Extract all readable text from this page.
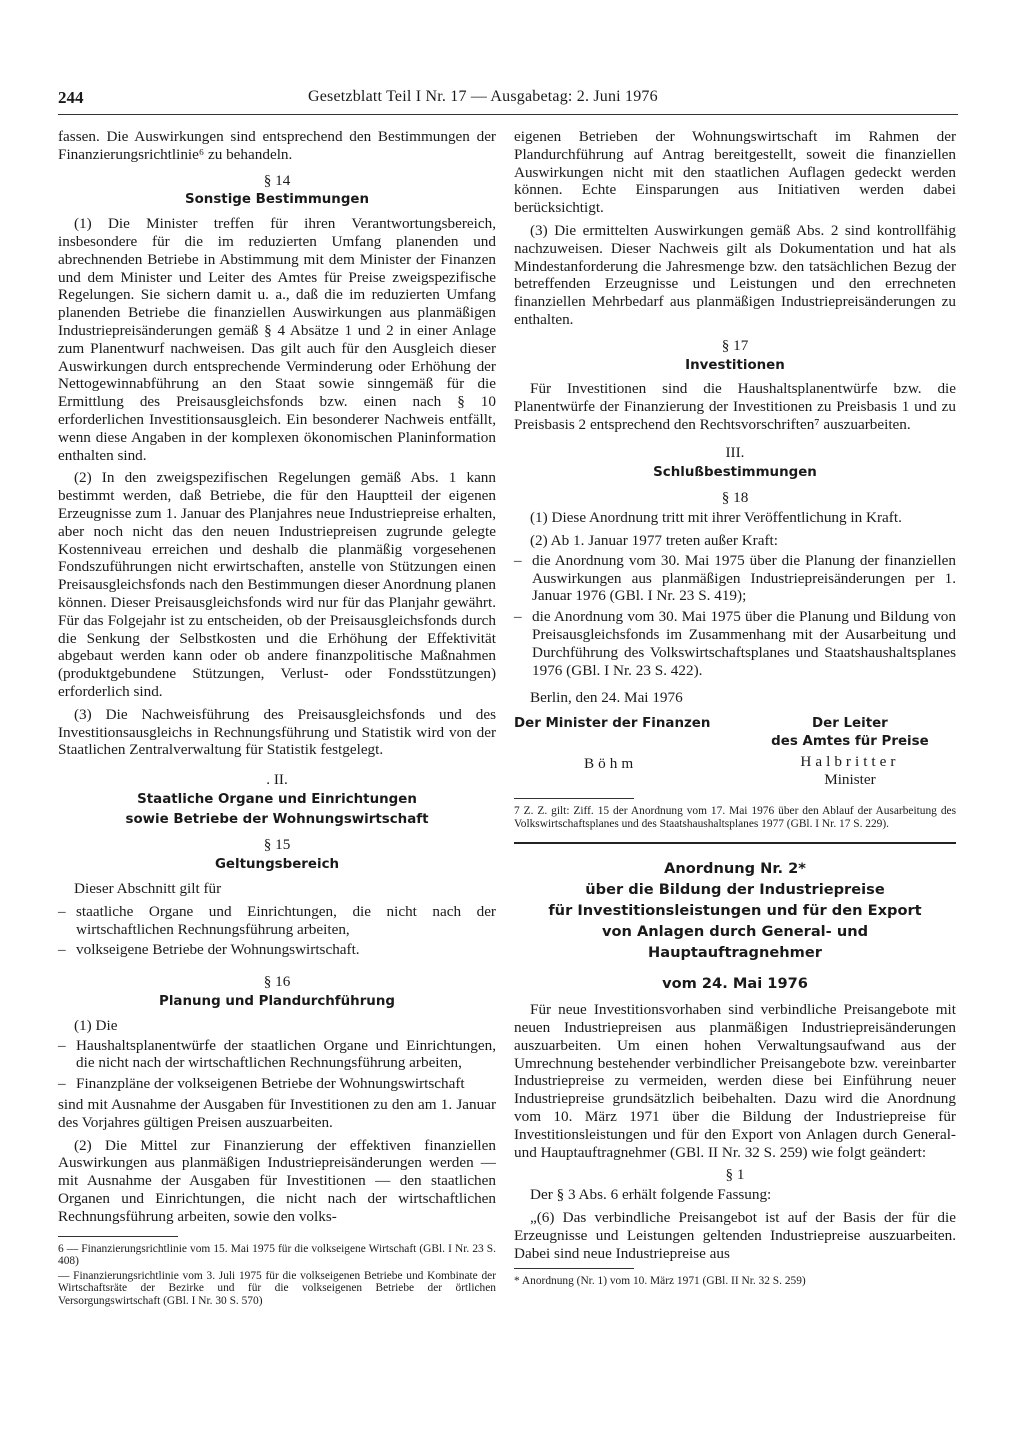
244	Gesetzblatt Teil I Nr. 17 — Ausgabetag: 2. Juni 1976

fassen. Die Auswirkungen sind entsprechend den Bestimmungen der Finanzierungsrichtlinie⁶ zu behandeln.

§ 14
Sonstige Bestimmungen

(1) Die Minister treffen für ihren Verantwortungsbereich, insbesondere für die im reduzierten Umfang planenden und abrechnenden Betriebe in Abstimmung mit dem Minister der Finanzen und dem Minister und Leiter des Amtes für Preise zweigspezifische Regelungen. Sie sichern damit u. a., daß die im reduzierten Umfang planenden Betriebe die finanziellen Auswirkungen aus planmäßigen Industriepreisänderungen gemäß § 4 Absätze 1 und 2 in einer Anlage zum Planentwurf nachweisen. Das gilt auch für den Ausgleich dieser Auswirkungen durch entsprechende Verminderung oder Erhöhung der Nettogewinnabführung an den Staat sowie sinngemäß für die Ermittlung des Preisausgleichsfonds bzw. einen nach § 10 erforderlichen Investitionsausgleich. Ein besonderer Nachweis entfällt, wenn diese Angaben in der komplexen ökonomischen Planinformation enthalten sind.

(2) In den zweigspezifischen Regelungen gemäß Abs. 1 kann bestimmt werden, daß Betriebe, die für den Hauptteil der eigenen Erzeugnisse zum 1. Januar des Planjahres neue Industriepreise erhalten, aber noch nicht das den neuen Industriepreisen zugrunde gelegte Kostenniveau erreichen und deshalb die planmäßig vorgesehenen Fondszuführungen nicht erwirtschaften, anstelle von Stützungen einen Preisausgleichsfonds nach den Bestimmungen dieser Anordnung planen können. Dieser Preisausgleichsfonds wird nur für das Planjahr gewährt. Für das Folgejahr ist zu entscheiden, ob der Preisausgleichsfonds durch die Senkung der Selbstkosten und die Erhöhung der Effektivität abgebaut werden kann oder ob andere finanzpolitische Maßnahmen (produktgebundene Stützungen, Verlust- oder Fondsstützungen) erforderlich sind.

(3) Die Nachweisführung des Preisausgleichsfonds und des Investitionsausgleichs in Rechnungsführung und Statistik wird von der Staatlichen Zentralverwaltung für Statistik festgelegt.

. II.
Staatliche Organe und Einrichtungen
sowie Betriebe der Wohnungswirtschaft
§ 15
Geltungsbereich

Dieser Abschnitt gilt für

– staatliche Organe und Einrichtungen, die nicht nach der wirtschaftlichen Rechnungsführung arbeiten,
– volkseigene Betriebe der Wohnungswirtschaft.
§ 16
Planung und Plandurchführung

(1) Die

– Haushaltsplanentwürfe der staatlichen Organe und Einrichtungen, die nicht nach der wirtschaftlichen Rechnungsführung arbeiten,
– Finanzpläne der volkseigenen Betriebe der Wohnungswirtschaft

sind mit Ausnahme der Ausgaben für Investitionen zu den am 1. Januar des Vorjahres gültigen Preisen auszuarbeiten.

(2) Die Mittel zur Finanzierung der effektiven finanziellen Auswirkungen aus planmäßigen Industriepreisänderungen werden — mit Ausnahme der Ausgaben für Investitionen — den staatlichen Organen und Einrichtungen, die nicht nach der wirtschaftlichen Rechnungsführung arbeiten, sowie den volks-

6 — Finanzierungsrichtlinie vom 15. Mai 1975 für die volkseigene Wirtschaft (GBl. I Nr. 23 S. 408)
— Finanzierungsrichtlinie vom 3. Juli 1975 für die volkseigenen Betriebe und Kombinate der Wirtschaftsräte der Bezirke und für die volkseigenen Betriebe der örtlichen Versorgungswirtschaft (GBl. I Nr. 30 S. 570)

eigenen Betrieben der Wohnungswirtschaft im Rahmen der Plandurchführung auf Antrag bereitgestellt, soweit die finanziellen Auswirkungen nicht mit den staatlichen Auflagen gedeckt werden können. Echte Einsparungen aus Initiativen werden dabei berücksichtigt.

(3) Die ermittelten Auswirkungen gemäß Abs. 2 sind kontrollfähig nachzuweisen. Dieser Nachweis gilt als Dokumentation und hat als Mindestanforderung die Jahresmenge bzw. den tatsächlichen Bezug der betreffenden Erzeugnisse und Leistungen und den errechneten finanziellen Mehrbedarf aus planmäßigen Industriepreisänderungen zu enthalten.

§ 17
Investitionen

Für Investitionen sind die Haushaltsplanentwürfe bzw. die Planentwürfe der Finanzierung der Investitionen zu Preisbasis 1 und zu Preisbasis 2 entsprechend den Rechtsvorschriften⁷ auszuarbeiten.

III.
Schlußbestimmungen
§ 18

(1) Diese Anordnung tritt mit ihrer Veröffentlichung in Kraft.

(2) Ab 1. Januar 1977 treten außer Kraft:

– die Anordnung vom 30. Mai 1975 über die Planung der finanziellen Auswirkungen aus planmäßigen Industriepreisänderungen per 1. Januar 1976 (GBl. I Nr. 23 S. 419);
– die Anordnung vom 30. Mai 1975 über die Planung und Bildung von Preisausgleichsfonds im Zusammenhang mit der Ausarbeitung und Durchführung des Volkswirtschaftsplanes und Staatshaushaltsplanes 1976 (GBl. I Nr. 23 S. 422).

Berlin, den 24. Mai 1976

Der Minister der Finanzen
Böhm
Der Leiter
des Amtes für Preise
Halbritter
Minister
7 Z. Z. gilt: Ziff. 15 der Anordnung vom 17. Mai 1976 über den Ablauf der Ausarbeitung des Volkswirtschaftsplanes und des Staatshaushaltsplanes 1977 (GBl. I Nr. 17 S. 229).
Anordnung Nr. 2*
über die Bildung der Industriepreise
für Investitionsleistungen und für den Export
von Anlagen durch General- und Hauptauftragnehmer
vom 24. Mai 1976

Für neue Investitionsvorhaben sind verbindliche Preisangebote mit neuen Industriepreisen aus planmäßigen Industriepreisänderungen auszuarbeiten. Um einen hohen Verwaltungsaufwand aus der Umrechnung bestehender verbindlicher Preisangebote bzw. vereinbarter Industriepreise zu vermeiden, werden diese bei Einführung neuer Industriepreise grundsätzlich beibehalten. Dazu wird die Anordnung vom 10. März 1971 über die Bildung der Industriepreise für Investitionsleistungen und für den Export von Anlagen durch General- und Hauptauftragnehmer (GBl. II Nr. 32 S. 259) wie folgt geändert:

§ 1

Der § 3 Abs. 6 erhält folgende Fassung:

„(6) Das verbindliche Preisangebot ist auf der Basis der für die Erzeugnisse und Leistungen geltenden Industriepreise auszuarbeiten. Dabei sind neue Industriepreise aus

* Anordnung (Nr. 1) vom 10. März 1971 (GBl. II Nr. 32 S. 259)
